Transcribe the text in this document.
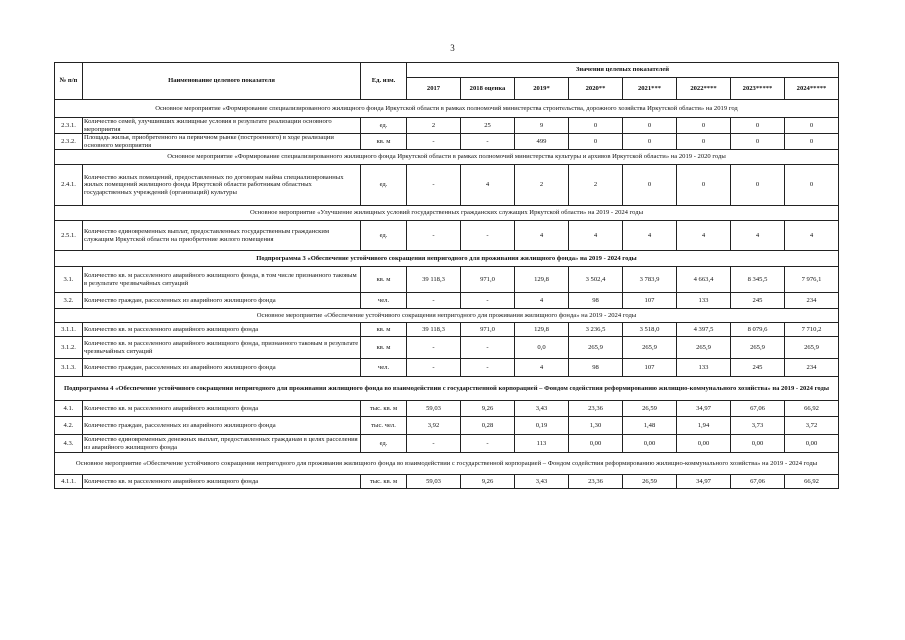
3
№ п/п	Наименование целевого показателя	Ед. изм.	Значения целевых показателей							
			2017	2018 оценка	2019*	2020**	2021***	2022****	2023*****	2024*****
Основное мероприятие «Формирование специализированного жилищного фонда Иркутской области в рамках полномочий министерства строительства, дорожного хозяйства Иркутской области» на 2019 год										
2.3.1.	Количество семей, улучшивших жилищные условия в результате реализации основного мероприятия	ед.	2	25	9	0	0	0	0	0
2.3.2.	Площадь жилья, приобретенного на первичном рынке (построенного) в ходе реализации основного мероприятия	кв. м	-	-	499	0	0	0	0	0
Основное мероприятие «Формирование специализированного жилищного фонда Иркутской области в рамках полномочий министерства культуры и архивов Иркутской области» на 2019 - 2020 годы										
2.4.1.	Количество жилых помещений, предоставленных по договорам найма специализированных жилых помещений жилищного фонда Иркутской области работникам областных государственных учреждений (организаций) культуры	ед.	-	4	2	2	0	0	0	0
Основное мероприятие «Улучшение жилищных условий государственных гражданских служащих Иркутской области» на 2019 - 2024 годы										
2.5.1.	Количество единовременных выплат, предоставленных государственным гражданским служащим Иркутской области на приобретение жилого помещения	ед.	-	-	4	4	4	4	4	4
Подпрограмма 3 «Обеспечение устойчивого сокращения непригодного для проживания жилищного фонда» на 2019 - 2024 годы										
3.1.	Количество кв. м расселенного аварийного жилищного фонда, в том числе признанного таковым в результате чрезвычайных ситуаций	кв. м	39 118,3	971,0	129,8	3 502,4	3 783,9	4 663,4	8 345,5	7 976,1
3.2.	Количество граждан, расселенных из аварийного жилищного фонда	чел.	-	-	4	98	107	133	245	234
Основное мероприятие «Обеспечение устойчивого сокращения непригодного для проживания жилищного фонда» на 2019 - 2024 годы										
3.1.1.	Количество кв. м расселенного аварийного жилищного фонда	кв. м	39 118,3	971,0	129,8	3 236,5	3 518,0	4 397,5	8 079,6	7 710,2
3.1.2.	Количество кв. м расселенного аварийного жилищного фонда, признанного таковым в результате чрезвычайных ситуаций	кв. м	-	-	0,0	265,9	265,9	265,9	265,9	265,9
3.1.3.	Количество граждан, расселенных из аварийного жилищного фонда	чел.	-	-	4	98	107	133	245	234
Подпрограмма 4 «Обеспечение устойчивого сокращения непригодного для проживания жилищного фонда во взаимодействии с государственной корпорацией – Фондом содействия реформированию жилищно-коммунального хозяйства» на 2019 - 2024 годы										
4.1.	Количество кв. м расселенного аварийного жилищного фонда	тыс. кв. м	59,03	9,26	3,43	23,36	26,59	34,97	67,06	66,92
4.2.	Количество граждан, расселенных из аварийного жилищного фонда	тыс. чел.	3,92	0,28	0,19	1,30	1,48	1,94	3,73	3,72
4.3.	Количество единовременных денежных выплат, предоставленных гражданам в целях расселения из аварийного жилищного фонда	ед.	-	-	113	0,00	0,00	0,00	0,00	0,00
Основное мероприятие «Обеспечение устойчивого сокращения непригодного для проживания жилищного фонда во взаимодействии с государственной корпорацией – Фондом содействия реформированию жилищно-коммунального хозяйства» на 2019 - 2024 годы										
4.1.1.	Количество кв. м расселенного аварийного жилищного фонда	тыс. кв. м	59,03	9,26	3,43	23,36	26,59	34,97	67,06	66,92
